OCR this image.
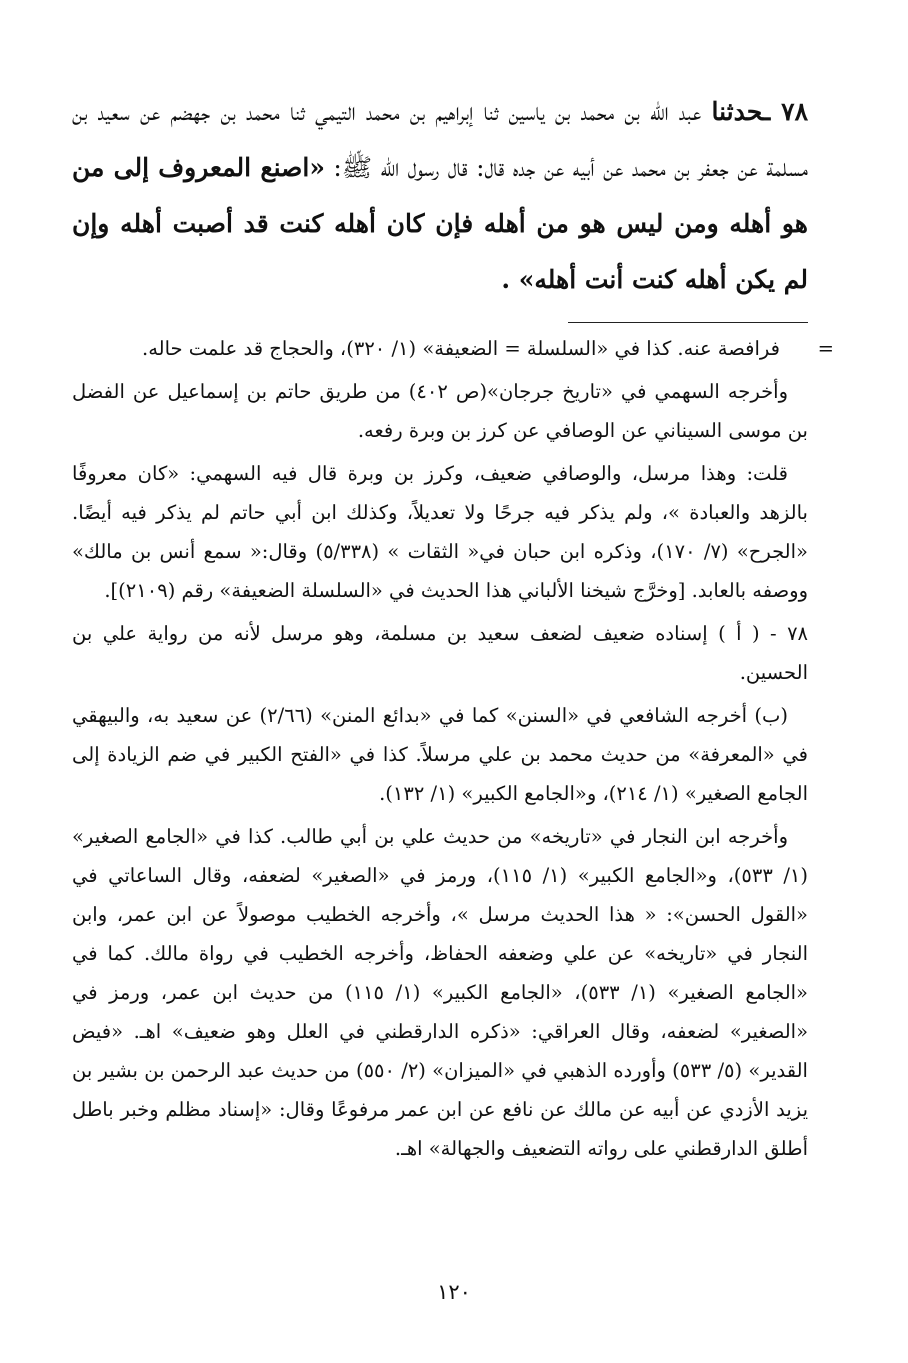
٧٨ ـحدثنا عبد الله بن محمد بن ياسين ثنا إبراهيم بن محمد التيمي ثنا محمد بن جهضم عن سعيد بن مسلمة عن جعفر بن محمد عن أبيه عن جده قال: قال رسول الله ﷺ: «اصنع المعروف إلى من هو أهله ومن ليس هو من أهله فإن كان أهله كنت قد أصبت أهله وإن لم يكن أهله كنت أنت أهله» .

=فرافصة عنه. كذا في «السلسلة = الضعيفة» (١/ ٣٢٠)، والحجاج قد علمت حاله.

وأخرجه السهمي في «تاريخ جرجان»(ص ٤٠٢) من طريق حاتم بن إسماعيل عن الفضل بن موسى السيناني عن الوصافي عن كرز بن وبرة رفعه.

قلت: وهذا مرسل، والوصافي ضعيف، وكرز بن وبرة قال فيه السهمي: «كان معروفًا بالزهد والعبادة »، ولم يذكر فيه جرحًا ولا تعديلاً، وكذلك ابن أبي حاتم لم يذكر فيه أيضًا. «الجرح» (٧/ ١٧٠)، وذكره ابن حبان في« الثقات » (٥/٣٣٨) وقال:« سمع أنس بن مالك» ووصفه بالعابد. [وخرَّج شيخنا الألباني هذا الحديث في «السلسلة الضعيفة» رقم (٢١٠٩)].

٧٨ - ( أ ) إسناده ضعيف لضعف سعيد بن مسلمة، وهو مرسل لأنه من رواية علي بن الحسين.

(ب) أخرجه الشافعي في «السنن» كما في «بدائع المنن» (٢/٦٦) عن سعيد به، والبيهقي في «المعرفة» من حديث محمد بن علي مرسلاً. كذا في «الفتح الكبير في ضم الزيادة إلى الجامع الصغير» (١/ ٢١٤)، و«الجامع الكبير» (١/ ١٣٢).

وأخرجه ابن النجار في «تاريخه» من حديث علي بن أبي طالب. كذا في «الجامع الصغير» (١/ ٥٣٣)، و«الجامع الكبير» (١/ ١١٥)، ورمز في «الصغير» لضعفه، وقال الساعاتي في «القول الحسن»: « هذا الحديث مرسل »، وأخرجه الخطيب موصولاً عن ابن عمر، وابن النجار في «تاريخه» عن علي وضعفه الحفاظ، وأخرجه الخطيب في رواة مالك. كما في «الجامع الصغير» (١/ ٥٣٣)، «الجامع الكبير» (١/ ١١٥) من حديث ابن عمر، ورمز في «الصغير» لضعفه، وقال العراقي: «ذكره الدارقطني في العلل وهو ضعيف» اهـ. «فيض القدير» (٥/ ٥٣٣) وأورده الذهبي في «الميزان» (٢/ ٥٥٠) من حديث عبد الرحمن بن بشير بن يزيد الأزدي عن أبيه عن مالك عن نافع عن ابن عمر مرفوعًا وقال: «إسناد مظلم وخبر باطل أطلق الدارقطني على رواته التضعيف والجهالة» اهـ.

١٢٠
